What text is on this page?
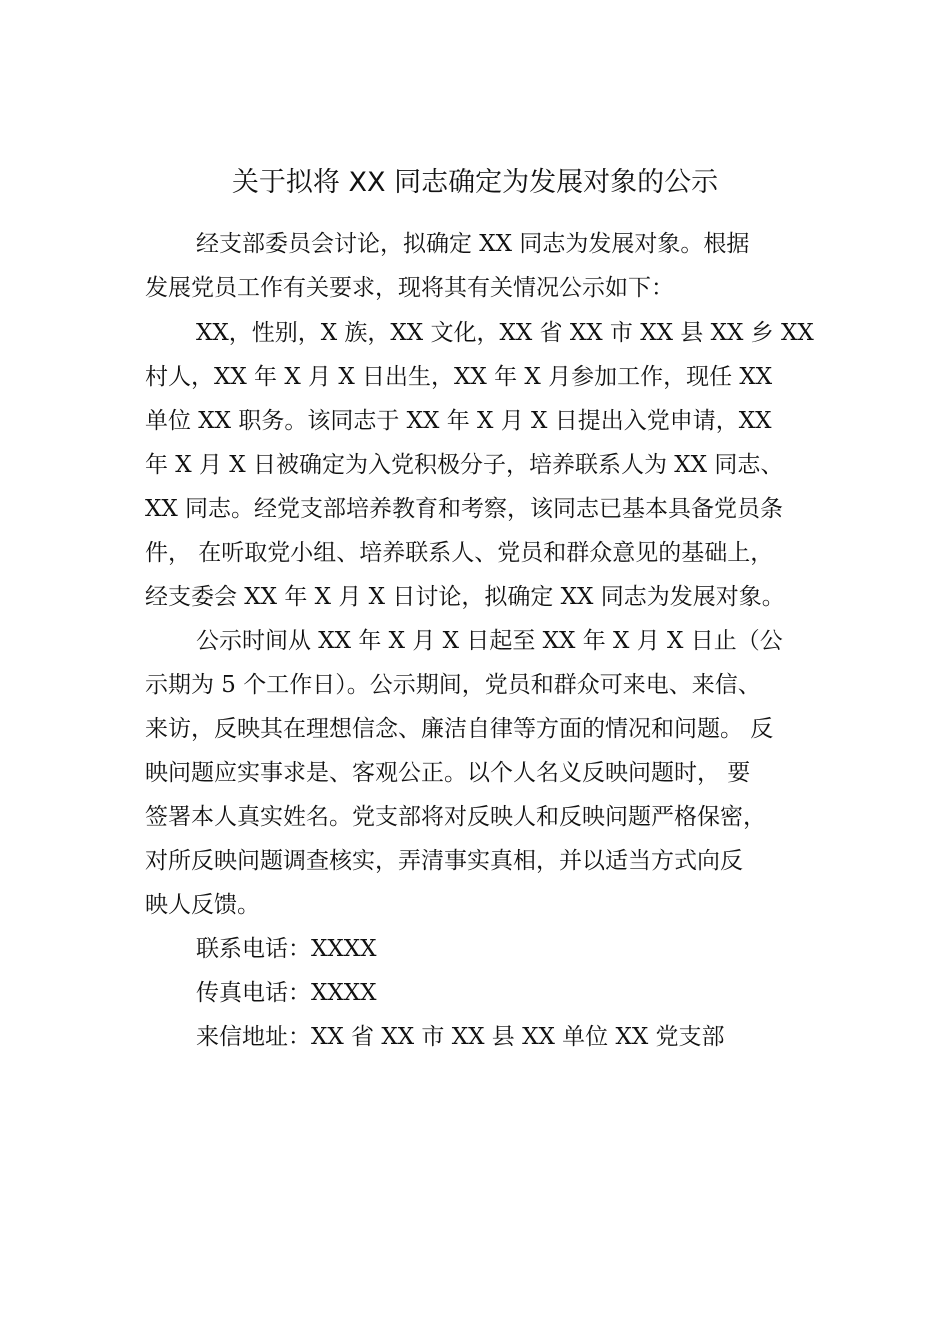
关于拟将 XX 同志确定为发展对象的公示
经支部委员会讨论，拟确定 XX 同志为发展对象。根据
发展党员工作有关要求，现将其有关情况公示如下：
XX，性别，X 族，XX 文化，XX 省 XX 市 XX 县 XX 乡 XX
村人，XX 年 X 月 X 日出生，XX 年 X 月参加工作，现任 XX
单位 XX 职务。该同志于 XX 年 X 月 X 日提出入党申请，XX
年 X 月 X 日被确定为入党积极分子，培养联系人为 XX 同志、
XX 同志。经党支部培养教育和考察，该同志已基本具备党员条
件， 在听取党小组、培养联系人、党员和群众意见的基础上，
经支委会 XX 年 X 月 X 日讨论，拟确定 XX 同志为发展对象。
公示时间从 XX 年 X 月 X 日起至 XX 年 X 月 X 日止（公
示期为 5 个工作日）。公示期间，党员和群众可来电、来信、
来访，反映其在理想信念、廉洁自律等方面的情况和问题。 反
映问题应实事求是、客观公正。以个人名义反映问题时， 要
签署本人真实姓名。党支部将对反映人和反映问题严格保密，
对所反映问题调查核实，弄清事实真相，并以适当方式向反
映人反馈。
联系电话：XXXX
传真电话：XXXX
来信地址：XX 省 XX 市 XX 县 XX 单位 XX 党支部
